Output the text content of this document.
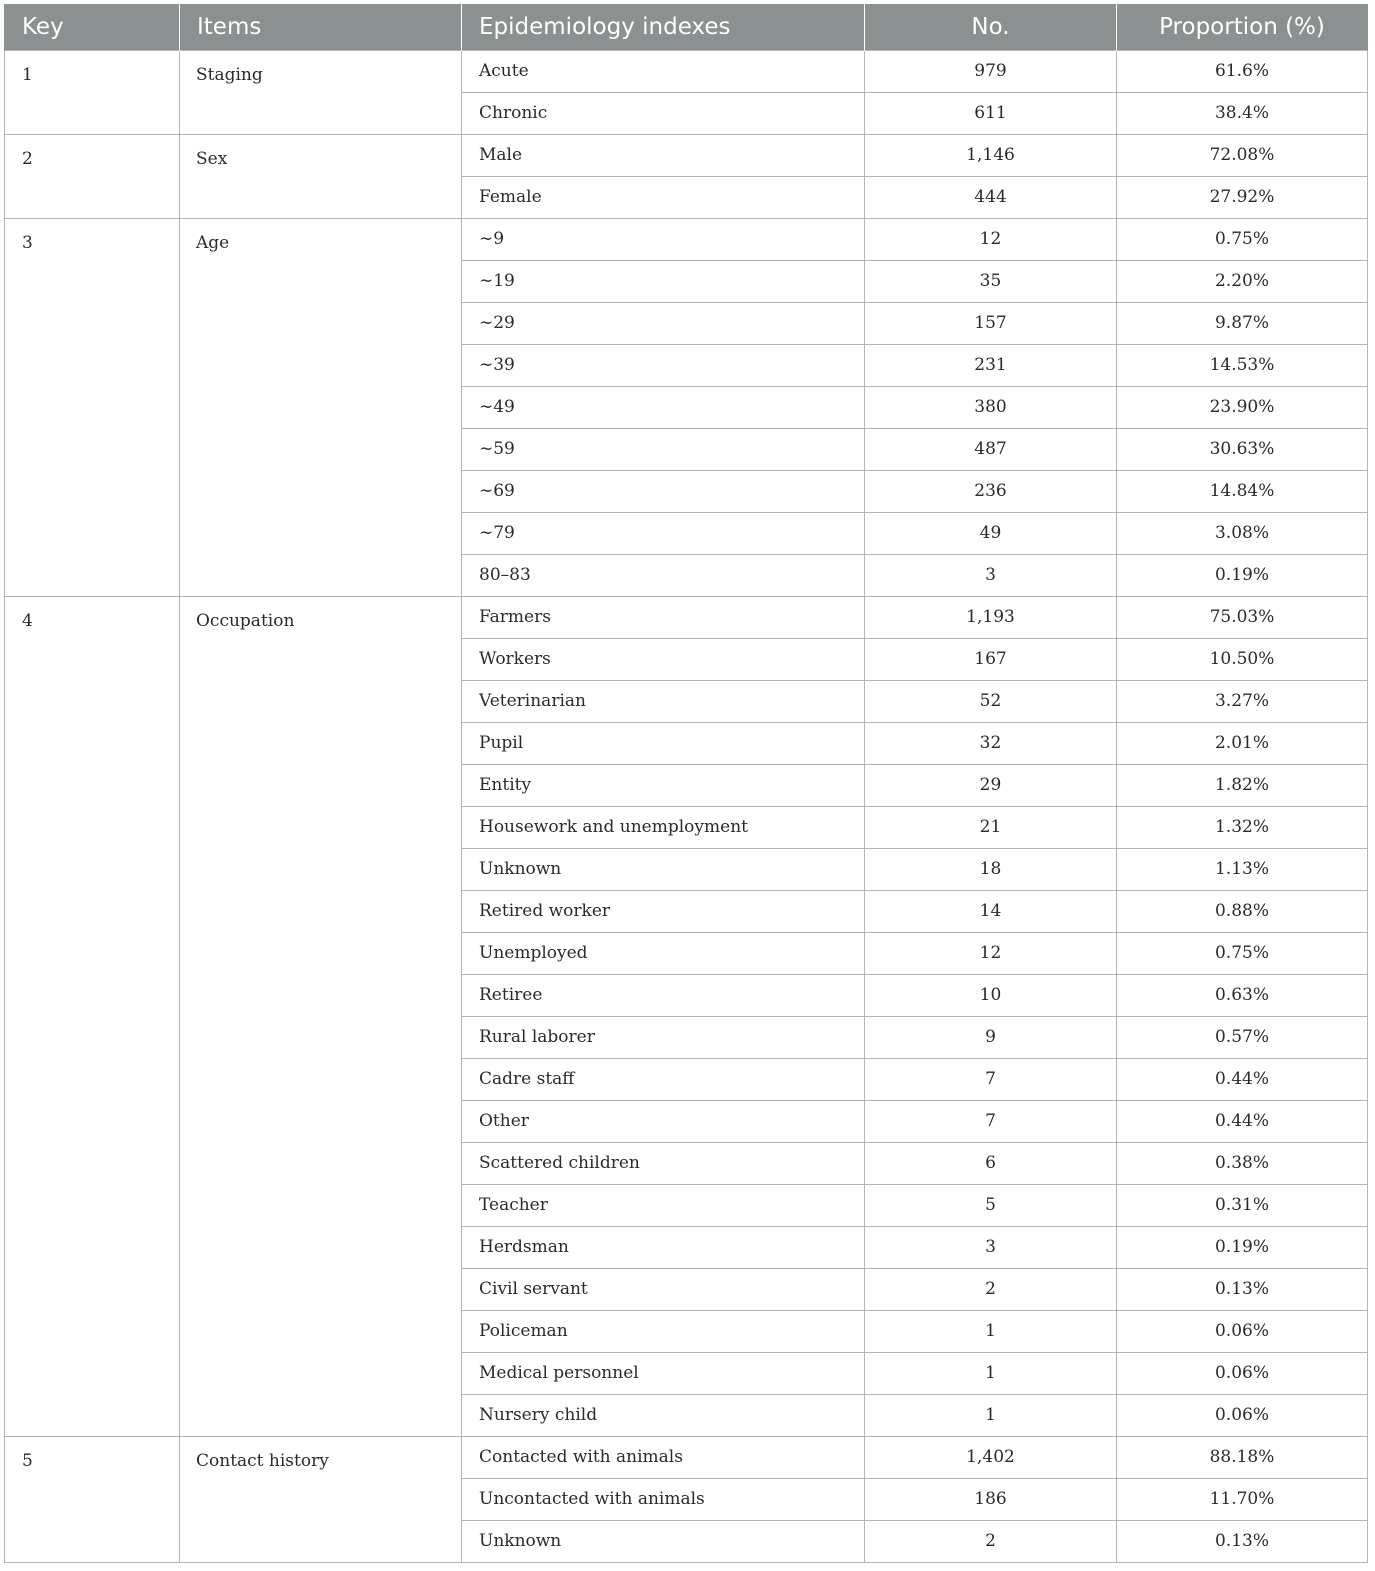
Key	Items	Epidemiology indexes	No.	Proportion (%)
1	Staging	Acute	979	61.6%
		Chronic	611	38.4%
2	Sex	Male	1,146	72.08%
		Female	444	27.92%
3	Age	∼9	12	0.75%
		∼19	35	2.20%
		∼29	157	9.87%
		∼39	231	14.53%
		∼49	380	23.90%
		∼59	487	30.63%
		∼69	236	14.84%
		∼79	49	3.08%
		80–83	3	0.19%
4	Occupation	Farmers	1,193	75.03%
		Workers	167	10.50%
		Veterinarian	52	3.27%
		Pupil	32	2.01%
		Entity	29	1.82%
		Housework and unemployment	21	1.32%
		Unknown	18	1.13%
		Retired worker	14	0.88%
		Unemployed	12	0.75%
		Retiree	10	0.63%
		Rural laborer	9	0.57%
		Cadre staff	7	0.44%
		Other	7	0.44%
		Scattered children	6	0.38%
		Teacher	5	0.31%
		Herdsman	3	0.19%
		Civil servant	2	0.13%
		Policeman	1	0.06%
		Medical personnel	1	0.06%
		Nursery child	1	0.06%
5	Contact history	Contacted with animals	1,402	88.18%
		Uncontacted with animals	186	11.70%
		Unknown	2	0.13%
